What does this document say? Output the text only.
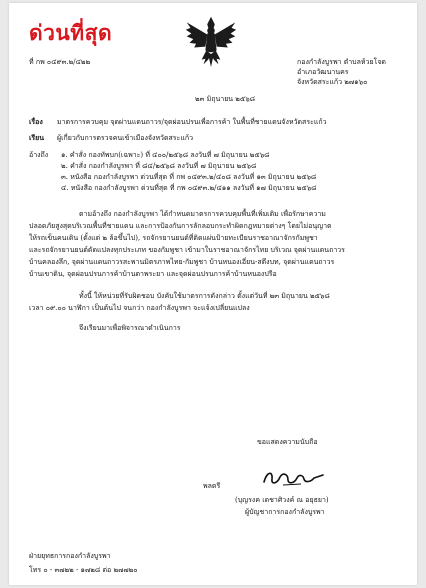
ด่วนที่สุด
ที่ กพ ๐๔๙๓.๒/๔๒๒	กองกำลังบูรพา ตำบลห้วยโจด
อำเภอวัฒนานคร
จังหวัดสระแก้ว ๒๗๑๖๐
๒๓ มิถุนายน ๒๕๖๘
เรื่อง มาตรการควบคุม จุดผ่านแดนถาวร/จุดผ่อนปรนเพื่อการค้า ในพื้นที่ชายแดนจังหวัดสระแก้ว
เรียน ผู้เกี่ยวกับการตรวจคนเข้าเมืองจังหวัดสระแก้ว
อ้างถึง ๑. คำสั่ง กองทัพบก(เฉพาะ) ที่ ๔๐๐/๒๕๖๘ ลงวันที่ ๗ มิถุนายน ๒๕๖๘
๒. คำสั่ง กองกำลังบูรพา ที่ ๘๔/๒๕๖๘ ลงวันที่ ๗ มิถุนายน ๒๕๖๘
๓. หนังสือ กองกำลังบูรพา ด่วนที่สุด ที่ กพ ๐๔๙๓.๒/๔๐๘ ลงวันที่ ๑๓ มิถุนายน ๒๕๖๘
๔. หนังสือ กองกำลังบูรพา ด่วนที่สุด ที่ กพ ๐๔๙๓.๒/๔๑๑ ลงวันที่ ๑๗ มิถุนายน ๒๕๖๘
ตามอ้างถึง กองกำลังบูรพา ได้กำหนดมาตรการควบคุมพื้นที่เพิ่มเติม เพื่อรักษาความ
ปลอดภัยสูงสุดบริเวณพื้นที่ชายแดน และการป้องกันการลักลอบกระทำผิดกฎหมายต่างๆ โดยไม่อนุญาต
ให้รถเข็นคนเดิน (ตั้งแต่ ๒ ล้อขึ้นไป), รถจักรยานยนต์ที่ติดแผ่นป้ายทะเบียนราชอาณาจักรกัมพูชา
และรถจักรยานยนต์ดัดแปลงทุกประเภท ของกัมพูชา เข้ามาในราชอาณาจักรไทย บริเวณ จุดผ่านแดนถาวร
บ้านคลองลึก, จุดผ่านแดนถาวรสะพานมิตรภาพไทย-กัมพูชา บ้านหนองเอี่ยน-สตึงบท, จุดผ่านแดนถาวร
บ้านเขาดิน, จุดผ่อนปรนการค้าบ้านตาพระยา และจุดผ่อนปรนการค้าบ้านหนองปรือ
ทั้งนี้ ให้หน่วยที่รับผิดชอบ บังคับใช้มาตรการดังกล่าว ตั้งแต่วันที่ ๒๓ มิถุนายน ๒๕๖๘
เวลา ๐๙.๐๐ นาฬิกา เป็นต้นไป จนกว่า กองกำลังบูรพา จะแจ้งเปลี่ยนแปลง
จึงเรียนมาเพื่อพิจารณาดำเนินการ
ขอแสดงความนับถือ
พลตรี
(บุญรงค เดชาศิวงค์ ณ อยุธยา)
ผู้บัญชาการกองกำลังบูรพา
ฝ่ายยุทธการกองกำลังบูรพา
โทร ๐ - ๓๗๒๒ - ๑๗๒๘ ต่อ ๒๗๗๒๐
